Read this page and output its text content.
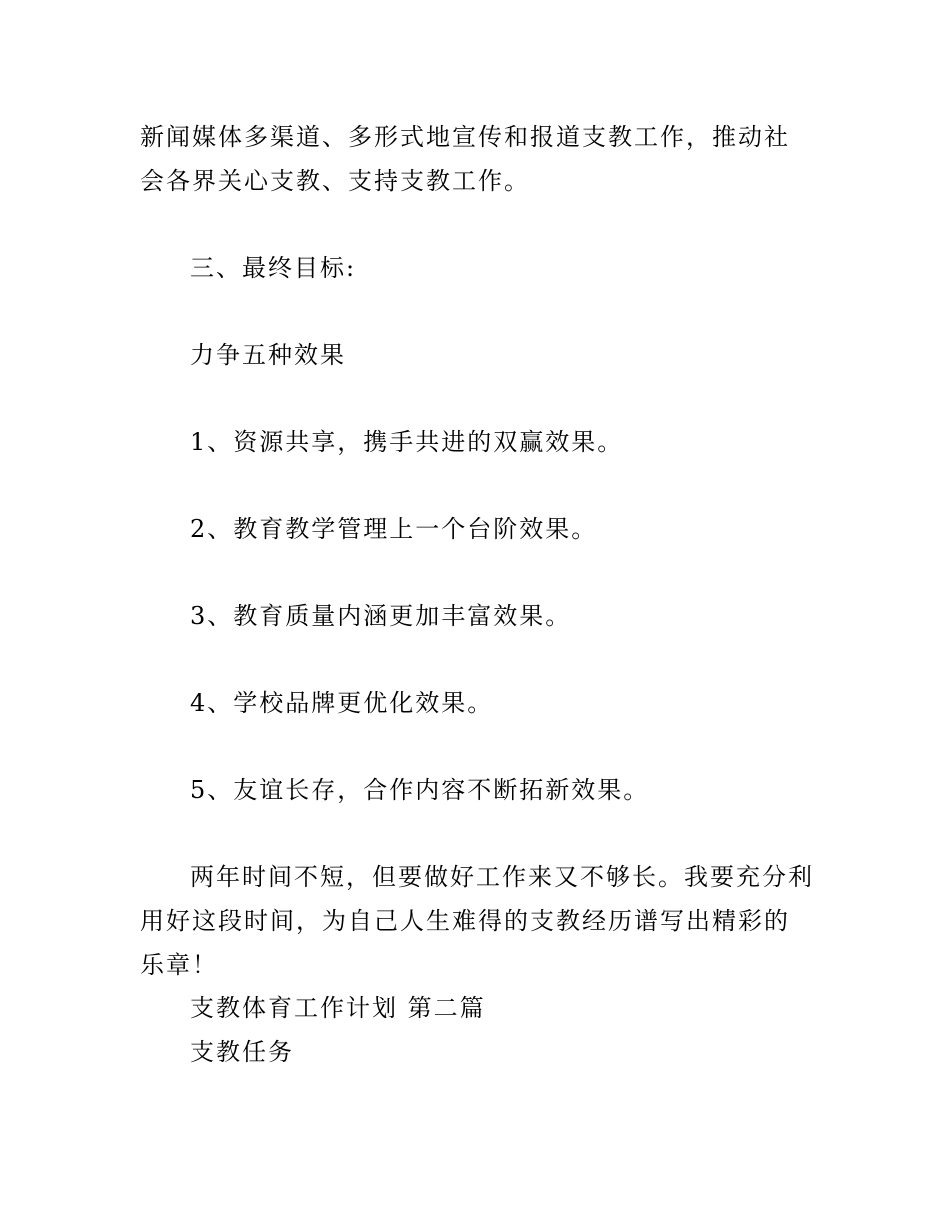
新闻媒体多渠道、多形式地宣传和报道支教工作，推动社会各界关心支教、支持支教工作。

三、最终目标:

力争五种效果

1、资源共享，携手共进的双赢效果。

2、教育教学管理上一个台阶效果。

3、教育质量内涵更加丰富效果。

4、学校品牌更优化效果。

5、友谊长存，合作内容不断拓新效果。

两年时间不短，但要做好工作来又不够长。我要充分利用好这段时间，为自己人生难得的支教经历谱写出精彩的乐章！

支教体育工作计划 第二篇

支教任务
